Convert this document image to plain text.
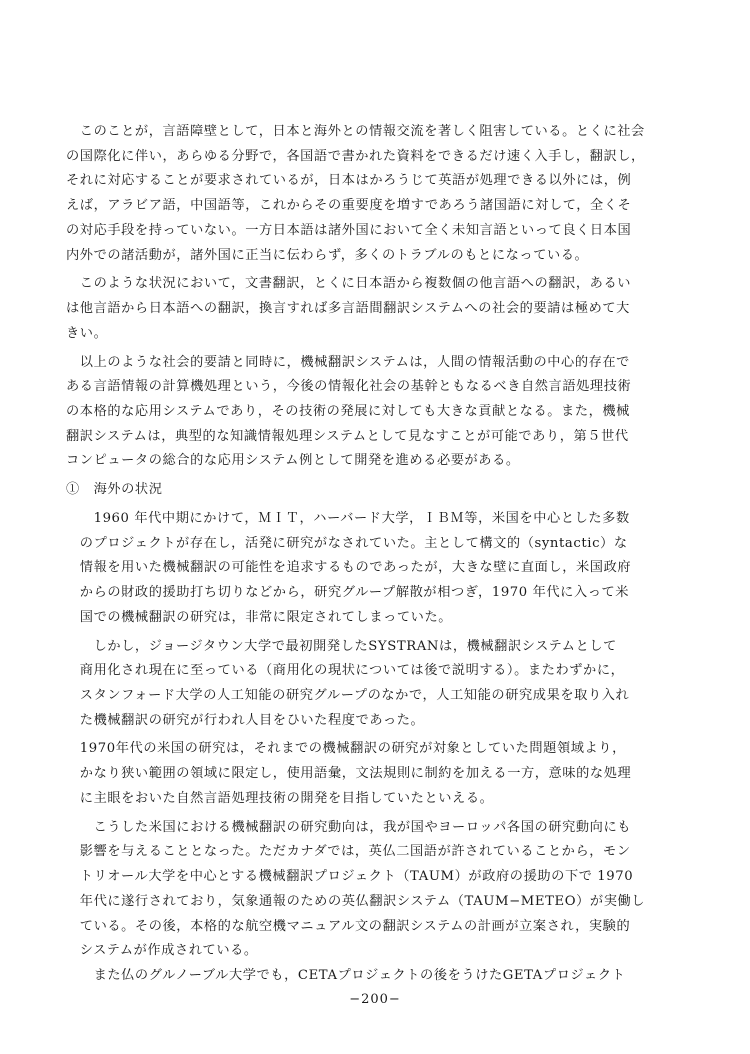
　このことが，言語障壁として，日本と海外との情報交流を著しく阻害している。とくに社会
の国際化に伴い，あらゆる分野で，各国語で書かれた資料をできるだけ速く入手し，翻訳し，
それに対応することが要求されているが，日本はかろうじて英語が処理できる以外には，例
えば，アラビア語，中国語等，これからその重要度を増すであろう諸国語に対して，全くそ
の対応手段を持っていない。一方日本語は諸外国において全く未知言語といって良く日本国
内外での諸活動が，諸外国に正当に伝わらず，多くのトラブルのもとになっている。
　このような状況において，文書翻訳，とくに日本語から複数個の他言語への翻訳，あるい
は他言語から日本語への翻訳，換言すれば多言語間翻訳システムへの社会的要請は極めて大
きい。
　以上のような社会的要請と同時に，機械翻訳システムは，人間の情報活動の中心的存在で
ある言語情報の計算機処理という，今後の情報化社会の基幹ともなるべき自然言語処理技術
の本格的な応用システムであり，その技術の発展に対しても大きな貢献となる。また，機械
翻訳システムは，典型的な知識情報処理システムとして見なすことが可能であり，第５世代
コンピュータの総合的な応用システム例として開発を進める必要がある。
①　海外の状況
　　1960 年代中期にかけて，ＭＩＴ，ハーバード大学，ＩＢＭ等，米国を中心とした多数
　のプロジェクトが存在し，活発に研究がなされていた。主として構文的（syntactic）な
　情報を用いた機械翻訳の可能性を追求するものであったが，大きな壁に直面し，米国政府
　からの財政的援助打ち切りなどから，研究グループ解散が相つぎ，1970 年代に入って米
　国での機械翻訳の研究は，非常に限定されてしまっていた。
　　しかし，ジョージタウン大学で最初開発したSYSTRANは，機械翻訳システムとして
　商用化され現在に至っている（商用化の現状については後で説明する）。またわずかに，
　スタンフォード大学の人工知能の研究グループのなかで，人工知能の研究成果を取り入れ
　た機械翻訳の研究が行われ人目をひいた程度であった。
　1970年代の米国の研究は，それまでの機械翻訳の研究が対象としていた問題領域より，
　かなり狭い範囲の領域に限定し，使用語彙，文法規則に制約を加える一方，意味的な処理
　に主眼をおいた自然言語処理技術の開発を目指していたといえる。
　　こうした米国における機械翻訳の研究動向は，我が国やヨーロッパ各国の研究動向にも
　影響を与えることとなった。ただカナダでは，英仏二国語が許されていることから，モン
　トリオール大学を中心とする機械翻訳プロジェクト（TAUM）が政府の援助の下で 1970
　年代に遂行されており，気象通報のための英仏翻訳システム（TAUM−METEO）が実働し
　ている。その後，本格的な航空機マニュアル文の翻訳システムの計画が立案され，実験的
　システムが作成されている。
　　また仏のグルノーブル大学でも，CETAプロジェクトの後をうけたGETAプロジェクト
−200−
